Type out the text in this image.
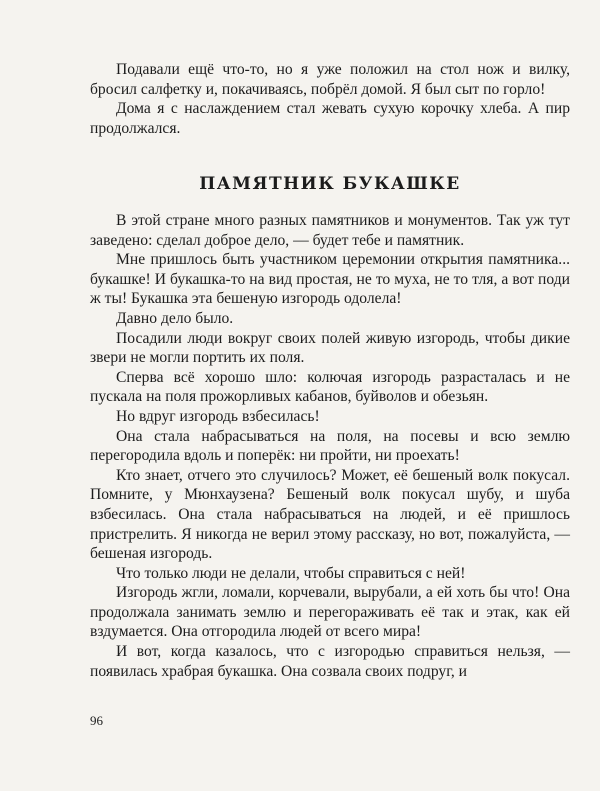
Подавали ещё что-то, но я уже положил на стол нож и вилку, бросил салфетку и, покачиваясь, побрёл домой. Я был сыт по горло!

Дома я с наслаждением стал жевать сухую корочку хлеба. А пир продолжался.

ПАМЯТНИК БУКАШКЕ

В этой стране много разных памятников и монументов. Так уж тут заведено: сделал доброе дело, — будет тебе и памятник.

Мне пришлось быть участником церемонии открытия памятника... букашке! И букашка-то на вид простая, не то муха, не то тля, а вот поди ж ты! Букашка эта бешеную изгородь одолела!

Давно дело было.

Посадили люди вокруг своих полей живую изгородь, чтобы дикие звери не могли портить их поля.

Сперва всё хорошо шло: колючая изгородь разрасталась и не пускала на поля прожорливых кабанов, буйволов и обезьян.

Но вдруг изгородь взбесилась!

Она стала набрасываться на поля, на посевы и всю землю перегородила вдоль и поперёк: ни пройти, ни проехать!

Кто знает, отчего это случилось? Может, её бешеный волк покусал. Помните, у Мюнхаузена? Бешеный волк покусал шубу, и шуба взбесилась. Она стала набрасываться на людей, и её пришлось пристрелить. Я никогда не верил этому рассказу, но вот, пожалуйста, — бешеная изгородь.

Что только люди не делали, чтобы справиться с ней!

Изгородь жгли, ломали, корчевали, вырубали, а ей хоть бы что! Она продолжала занимать землю и перегораживать её так и этак, как ей вздумается. Она отгородила людей от всего мира!

И вот, когда казалось, что с изгородью справиться нельзя, — появилась храбрая букашка. Она созвала своих подруг, и

96
